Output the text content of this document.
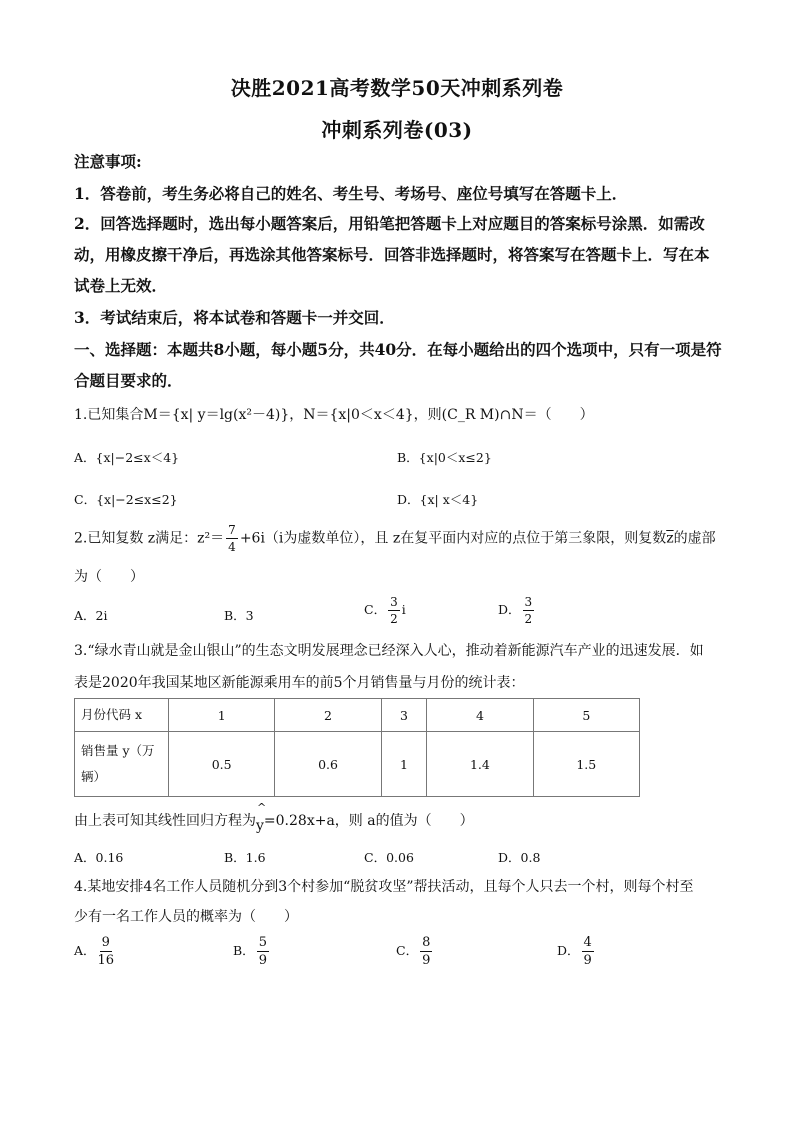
决胜2021高考数学50天冲刺系列卷
冲刺系列卷(03)
注意事项:
1．答卷前，考生务必将自己的姓名、考生号、考场号、座位号填写在答题卡上．
2．回答选择题时，选出每小题答案后，用铅笔把答题卡上对应题目的答案标号涂黑．如需改动，用橡皮擦干净后，再选涂其他答案标号．回答非选择题时，将答案写在答题卡上．写在本试卷上无效．
3．考试结束后，将本试卷和答题卡一并交回．
一、选择题：本题共8小题，每小题5分，共40分．在每小题给出的四个选项中，只有一项是符合题目要求的．
1.已知集合M＝{x| y＝lg(x²－4)}，N＝{x|0＜x＜4}，则(C_R M)∩N＝（　　）
A．{x|−2≤x＜4}	B．{x|0＜x≤2}
C．{x|−2≤x≤2}	D．{x| x＜4}
2.已知复数 z满足：$z^2= \frac{7}{4} +6i(i$为虚数单位），且 z在复平面内对应的点位于第三象限，则复数$\overline{z}$的虚部
为（　　）
A．2i	B．3	C． $\frac{3}{2}$ i	D． $\frac{3}{2}$
3.“绿水青山就是金山银山”的生态文明发展理念已经深入人心，推动着新能源汽车产业的迅速发展．如
表是2020年我国某地区新能源乘用车的前5个月销售量与月份的统计表：
月份代码 x	1	2	3	4	5
销售量 y（万辆）	0.5	0.6	1	1.4	1.5
由上表可知其线性回归方程为
^
y=0.28x+a，则 a的值为（　　）
A．0.16	B．1.6	C．0.06	D．0.8
4.某地安排4名工作人员随机分到3个村参加“脱贫攻坚”帮扶活动，且每个人只去一个村，则每个村至
少有一名工作人员的概率为（　　）
A． $\frac{9}{16}$	B． $\frac{5}{9}$	C． $\frac{8}{9}$	D． $\frac{4}{9}$
